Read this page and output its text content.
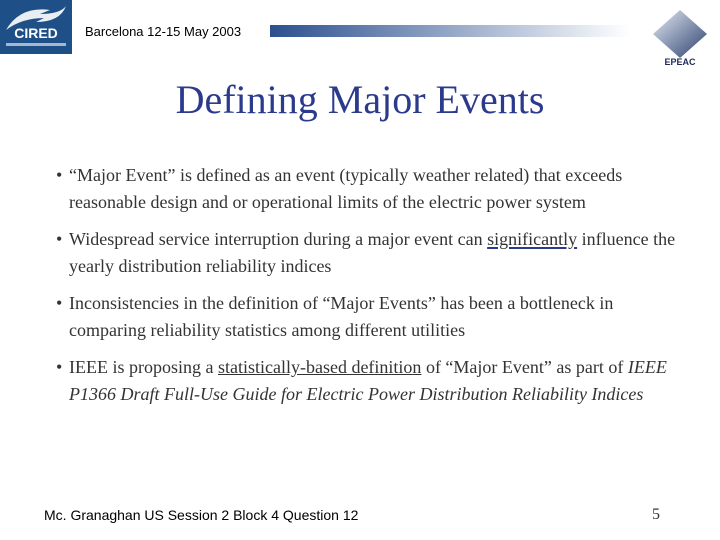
CIRED Barcelona 12-15 May 2003
EPEAC
Defining Major Events
• “Major Event” is defined as an event (typically weather related) that exceeds reasonable design and or operational limits of the electric power system
• Widespread service interruption during a major event can significantly influence the yearly distribution reliability indices
• Inconsistencies in the definition of “Major Events” has been a bottleneck in comparing reliability statistics among different utilities
• IEEE is proposing a statistically-based definition of “Major Event” as part of IEEE P1366 Draft Full-Use Guide for Electric Power Distribution Reliability Indices
Mc. Granaghan US Session 2 Block 4 Question 12	5
